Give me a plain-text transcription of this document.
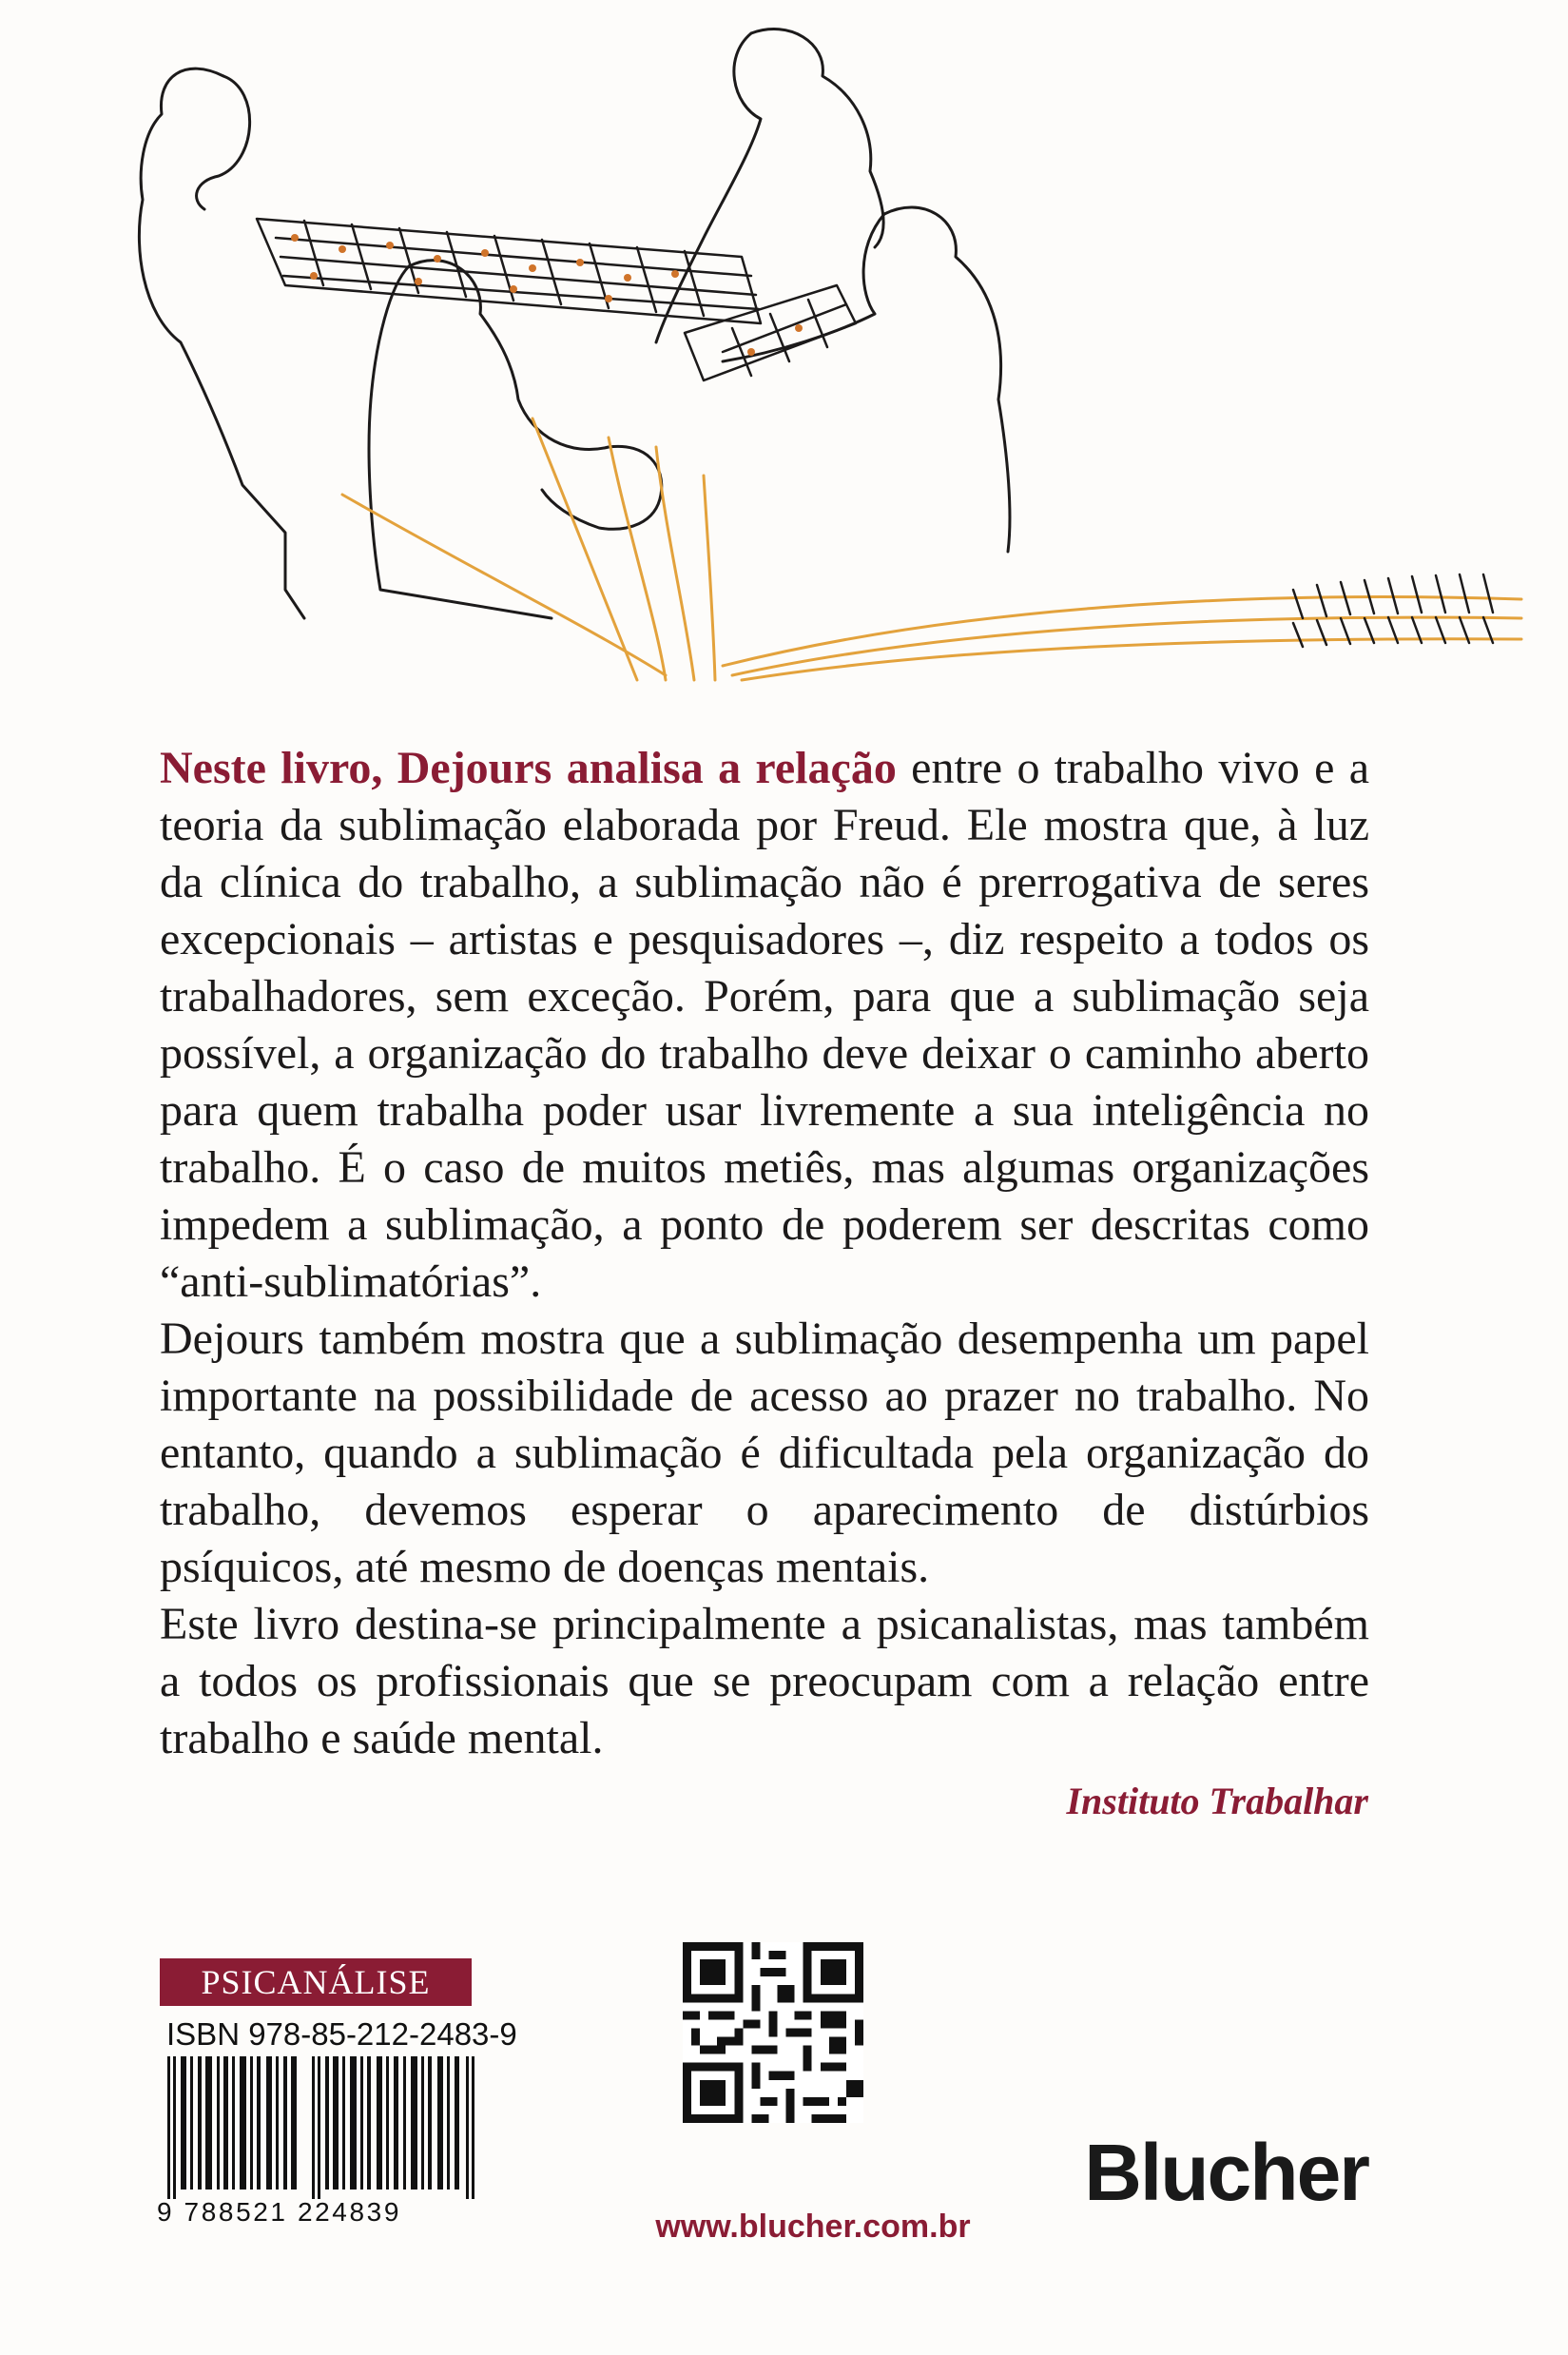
Neste livro, Dejours analisa a relação entre o trabalho vivo e a teoria da sublimação elaborada por Freud. Ele mostra que, à luz da clínica do trabalho, a sublimação não é prerrogativa de seres excepcionais – artistas e pesquisadores –, diz respeito a todos os trabalhadores, sem exceção. Porém, para que a sublimação seja possível, a organização do trabalho deve deixar o caminho aberto para quem trabalha poder usar livremente a sua inteligência no trabalho. É o caso de muitos metiês, mas algumas organizações impedem a sublimação, a ponto de poderem ser descritas como “anti-sublimatórias”.

Dejours também mostra que a sublimação desempenha um papel importante na possibilidade de acesso ao prazer no trabalho. No entanto, quando a sublimação é dificultada pela organização do trabalho, devemos esperar o aparecimento de distúrbios psíquicos, até mesmo de doenças mentais.

Este livro destina-se principalmente a psicanalistas, mas também a todos os profissionais que se preocupam com a relação entre trabalho e saúde mental.

Instituto Trabalhar
PSICANÁLISE
ISBN 978-85-212-2483-9
9 788521 224839	www.blucher.com.br
Blucher
